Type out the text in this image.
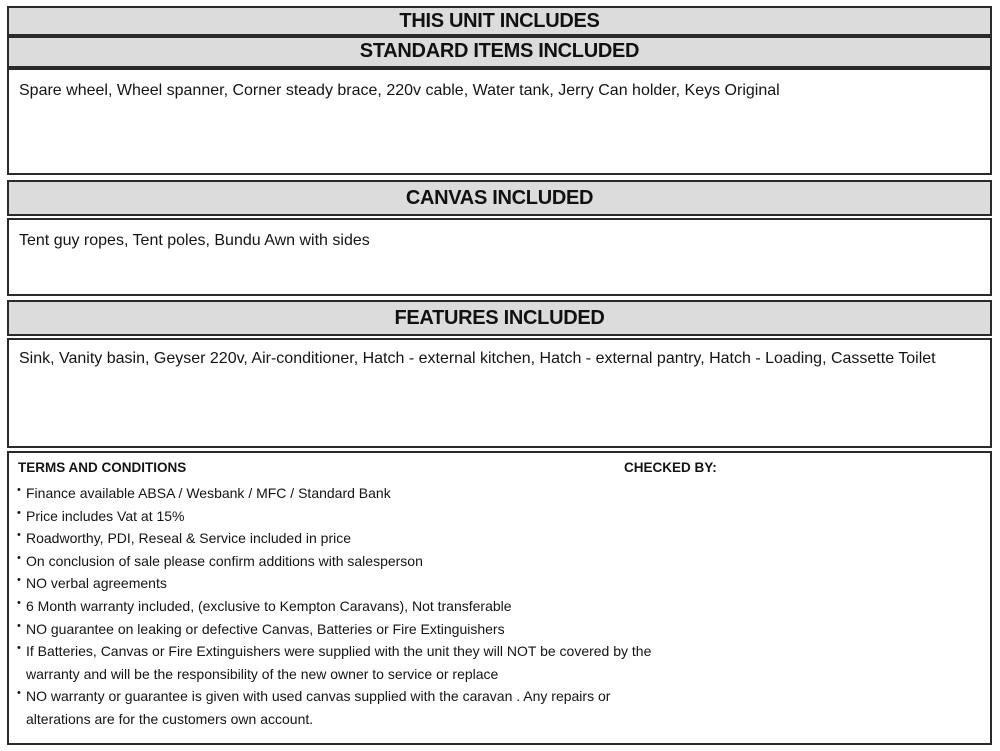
THIS UNIT INCLUDES
STANDARD ITEMS INCLUDED
Spare wheel, Wheel spanner, Corner steady brace, 220v cable, Water tank, Jerry Can holder, Keys Original
CANVAS INCLUDED
Tent guy ropes, Tent poles, Bundu Awn with sides
FEATURES INCLUDED
Sink, Vanity basin, Geyser 220v, Air-conditioner, Hatch - external kitchen, Hatch - external pantry, Hatch - Loading, Cassette Toilet
TERMS AND CONDITIONS	CHECKED BY:
• Finance available ABSA / Wesbank / MFC / Standard Bank
• Price includes Vat at 15%
• Roadworthy, PDI, Reseal & Service included in price
• On conclusion of sale please confirm additions with salesperson
• NO verbal agreements
• 6 Month warranty included, (exclusive to Kempton Caravans), Not transferable
• NO guarantee on leaking or defective Canvas, Batteries or Fire Extinguishers
• If Batteries, Canvas or Fire Extinguishers were supplied with the unit they will NOT be covered by the
warranty and will be the responsibility of the new owner to service or replace
• NO warranty or guarantee is given with used canvas supplied with the caravan . Any repairs or
alterations are for the customers own account.
